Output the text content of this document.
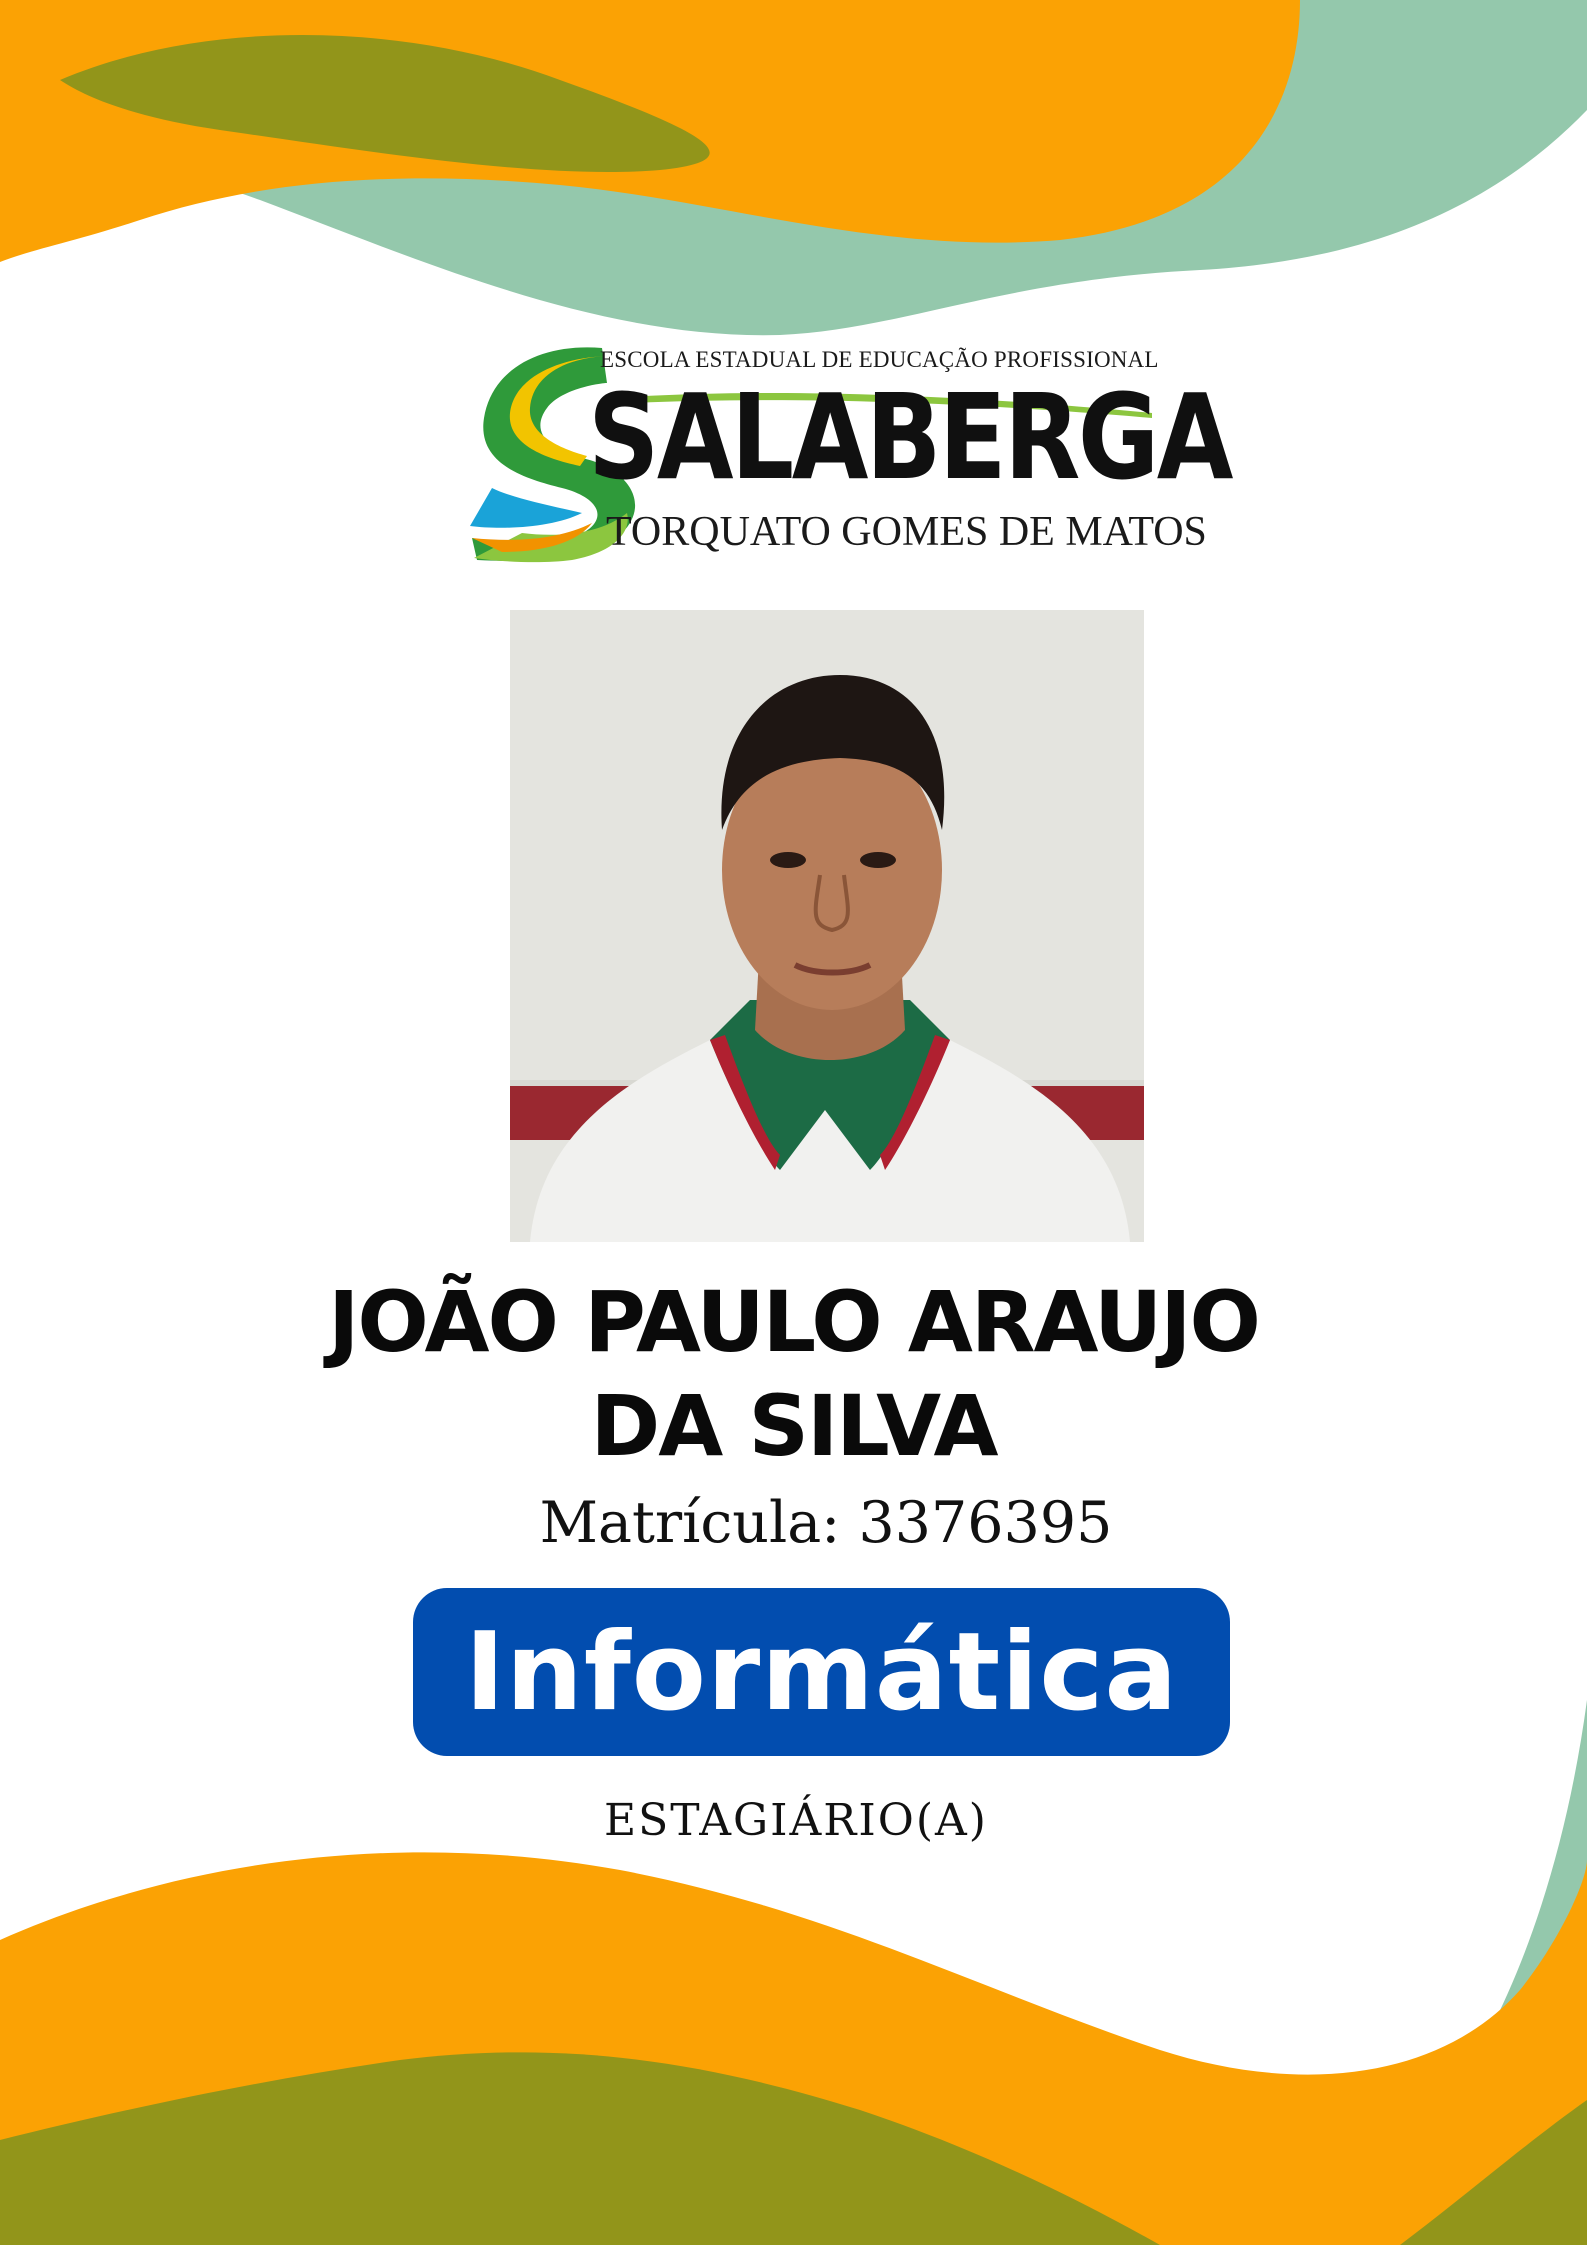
ESCOLA ESTADUAL DE EDUCAÇÃO PROFISSIONAL
SALABERGA
TORQUATO GOMES DE MATOS
JOÃO PAULO ARAUJO
DA SILVA
Matrícula: 3376395
Informática
ESTAGIÁRIO(A)
